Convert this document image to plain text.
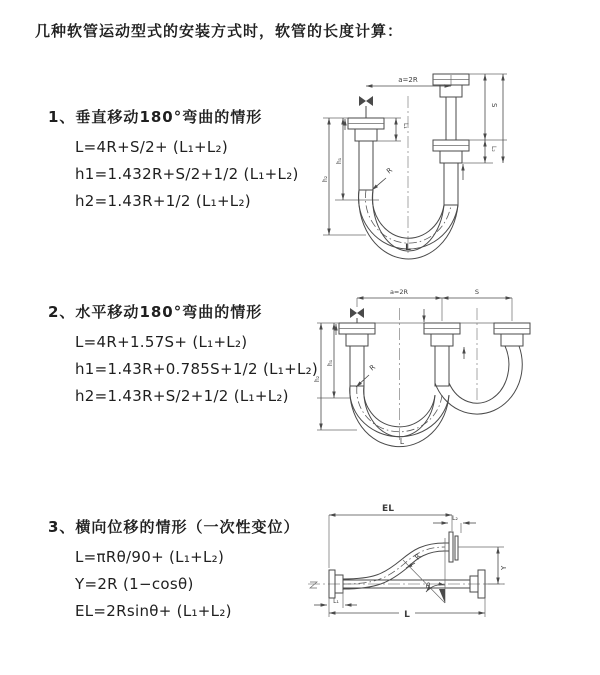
几种软管运动型式的安装方式时，软管的长度计算：
1、垂直移动180°弯曲的情形
L=4R+S/2+ (L₁+L₂)
h1=1.432R+S/2+1/2 (L₁+L₂)
h2=1.43R+1/2 (L₁+L₂)
2、水平移动180°弯曲的情形
L=4R+1.57S+ (L₁+L₂)
h1=1.43R+0.785S+1/2 (L₁+L₂)
h2=1.43R+S/2+1/2 (L₁+L₂)
3、横向位移的情形（一次性变位）
L=πRθ/90+ (L₁+L₂)
Y=2R (1−cosθ)
EL=2Rsinθ+ (L₁+L₂)
a=2R
L₁
S
L₂
h₁
h₂
R
L
a=2R	S
h₁
h₂
R
L
EL
L₂
Y
θ
R
L₁
L
